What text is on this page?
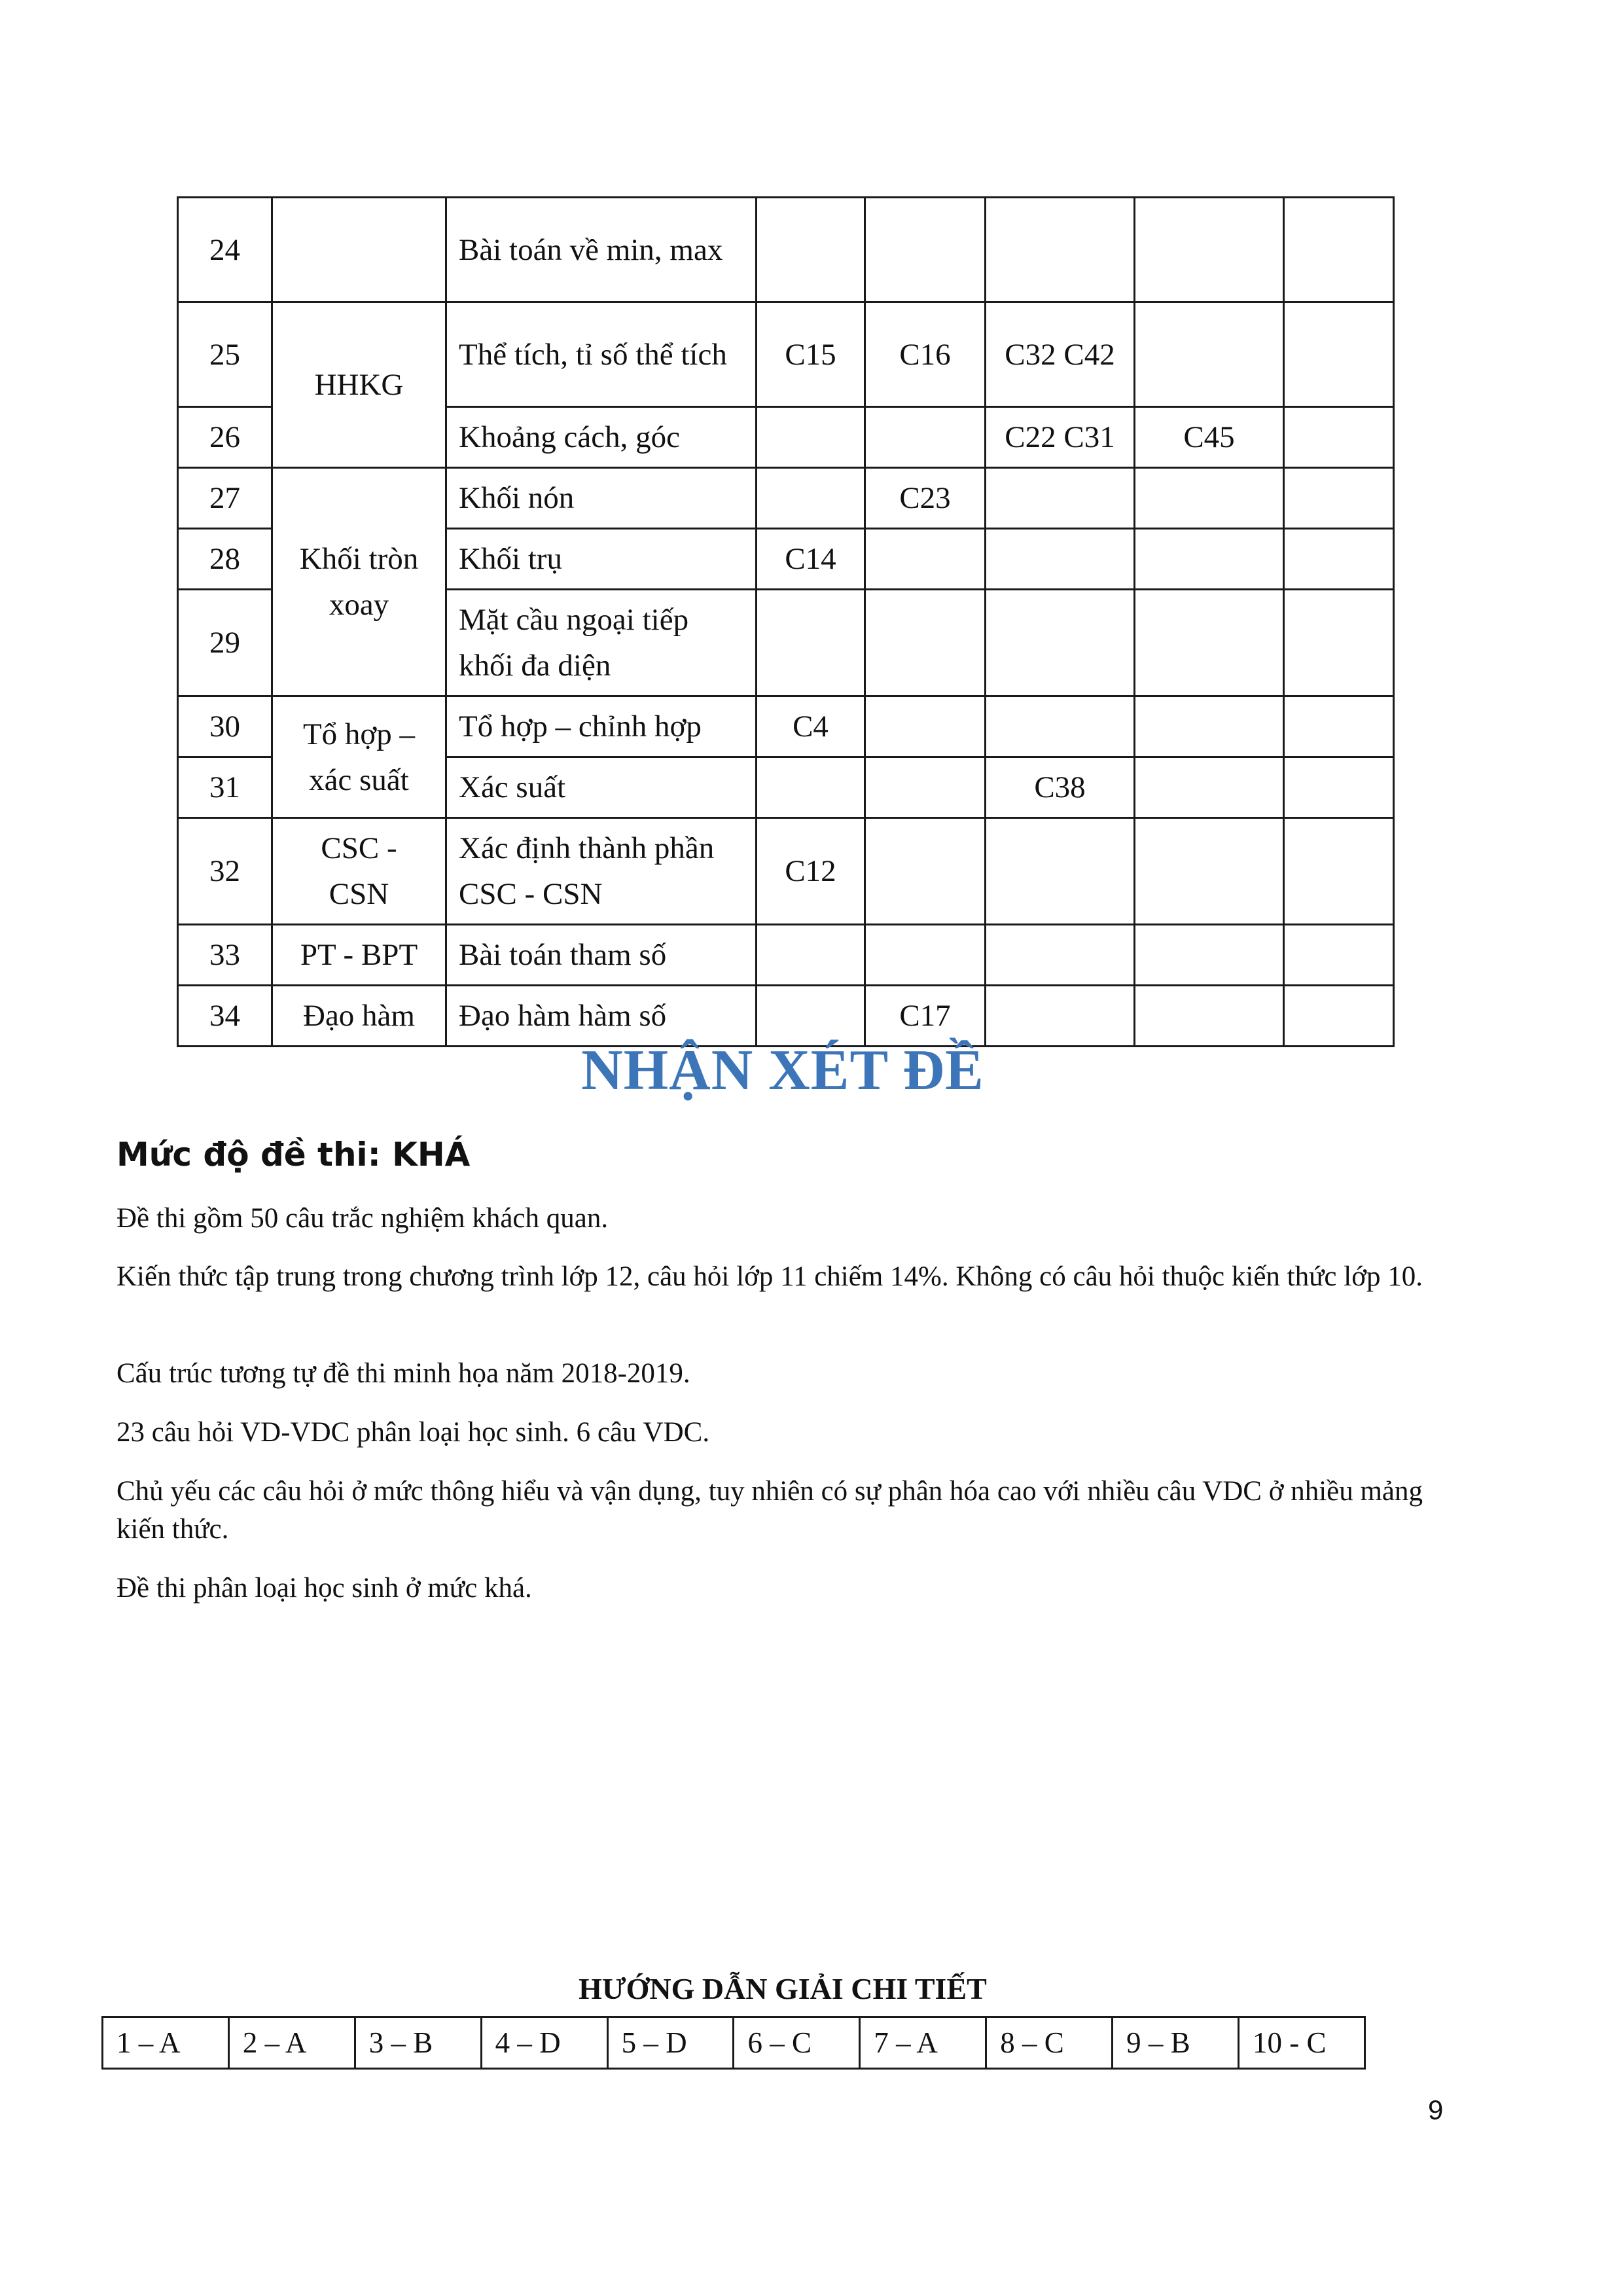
24		Bài toán về min, max					
25	HHKG	Thể tích, tỉ số thể tích	C15	C16	C32 C42		
26		Khoảng cách, góc			C22 C31	C45	
27	Khối tròn xoay	Khối nón		C23			
28		Khối trụ	C14				
29		Mặt cầu ngoại tiếp khối đa diện					
30	Tổ hợp – xác suất	Tổ hợp – chỉnh hợp	C4				
31		Xác suất			C38		
32	CSC - CSN	Xác định thành phần CSC - CSN	C12				
33	PT - BPT	Bài toán tham số					
34	Đạo hàm	Đạo hàm hàm số		C17			
NHẬN XÉT ĐỀ
Mức độ đề thi: KHÁ

Đề thi gồm 50 câu trắc nghiệm khách quan.

Kiến thức tập trung trong chương trình lớp 12, câu hỏi lớp 11 chiếm 14%. Không có câu hỏi thuộc kiến thức lớp 10.

Cấu trúc tương tự đề thi minh họa năm 2018-2019.

23 câu hỏi VD-VDC phân loại học sinh. 6 câu VDC.

Chủ yếu các câu hỏi ở mức thông hiểu và vận dụng, tuy nhiên có sự phân hóa cao với nhiều câu VDC ở nhiều mảng kiến thức.

Đề thi phân loại học sinh ở mức khá.

HƯỚNG DẪN GIẢI CHI TIẾT
1 – A	2 – A	3 – B	4 – D	5 – D	6 – C	7 – A	8 – C	9 – B	10 - C
9
